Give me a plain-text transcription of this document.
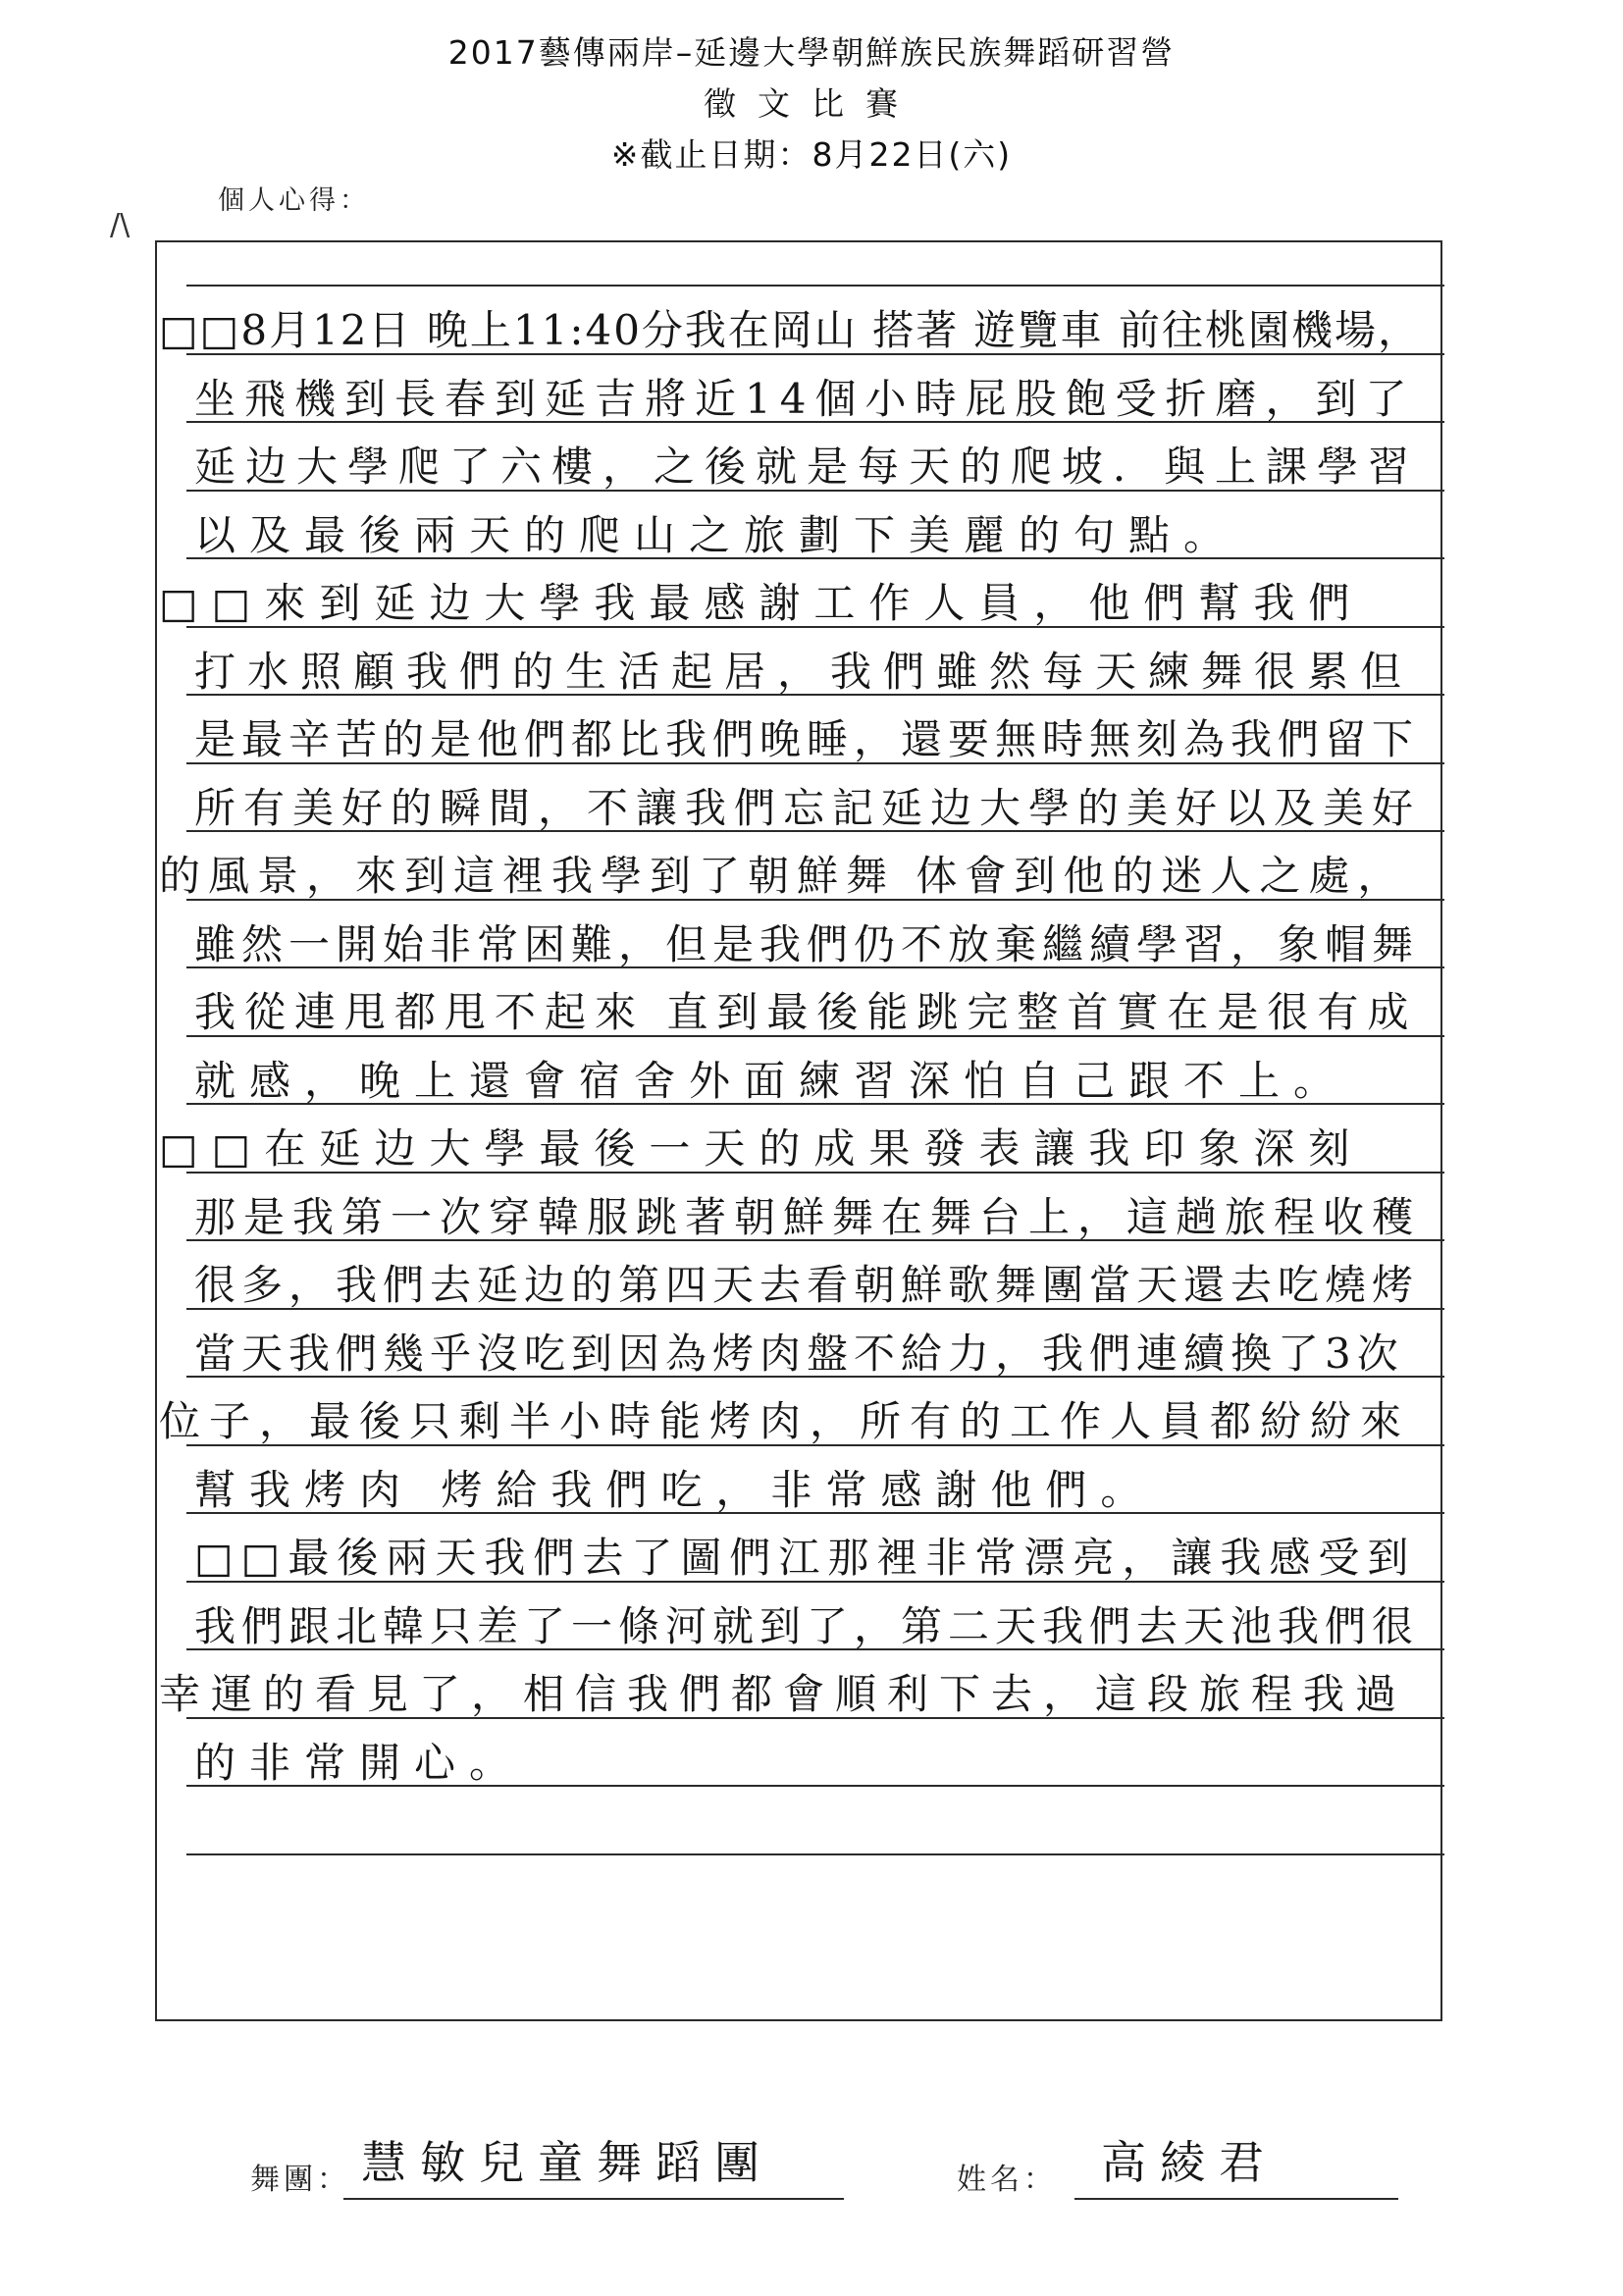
2017藝傳兩岸–延邊大學朝鮮族民族舞蹈研習營
徵文比賽
※截止日期：8月22日(六)
個人心得：
/\
□□8月12日 晚上11:40分我在岡山 搭著 遊覽車 前往桃園機場，
坐飛機到長春到延吉將近14個小時屁股飽受折磨，到了
延边大學爬了六樓，之後就是每天的爬坡．與上課學習
以及最後兩天的爬山之旅劃下美麗的句點。
□□來到延边大學我最感謝工作人員，他們幫我們
打水照顧我們的生活起居，我們雖然每天練舞很累但
是最辛苦的是他們都比我們晚睡，還要無時無刻為我們留下
所有美好的瞬間，不讓我們忘記延边大學的美好以及美好
的風景，來到這裡我學到了朝鮮舞 体會到他的迷人之處，
雖然一開始非常困難，但是我們仍不放棄繼續學習，象帽舞
我從連甩都甩不起來 直到最後能跳完整首實在是很有成
就感，晚上還會宿舍外面練習深怕自己跟不上。
□□在延边大學最後一天的成果發表讓我印象深刻
那是我第一次穿韓服跳著朝鮮舞在舞台上，這趟旅程收穫
很多，我們去延边的第四天去看朝鮮歌舞團當天還去吃燒烤
當天我們幾乎沒吃到因為烤肉盤不給力，我們連續換了3次
位子，最後只剩半小時能烤肉，所有的工作人員都紛紛來
幫我烤肉 烤給我們吃，非常感謝他們。
□□最後兩天我們去了圖們江那裡非常漂亮，讓我感受到
我們跟北韓只差了一條河就到了，第二天我們去天池我們很
幸運的看見了，相信我們都會順利下去，這段旅程我過
的非常開心。
舞團： 慧敏兒童舞蹈團	姓名： 高綾君
